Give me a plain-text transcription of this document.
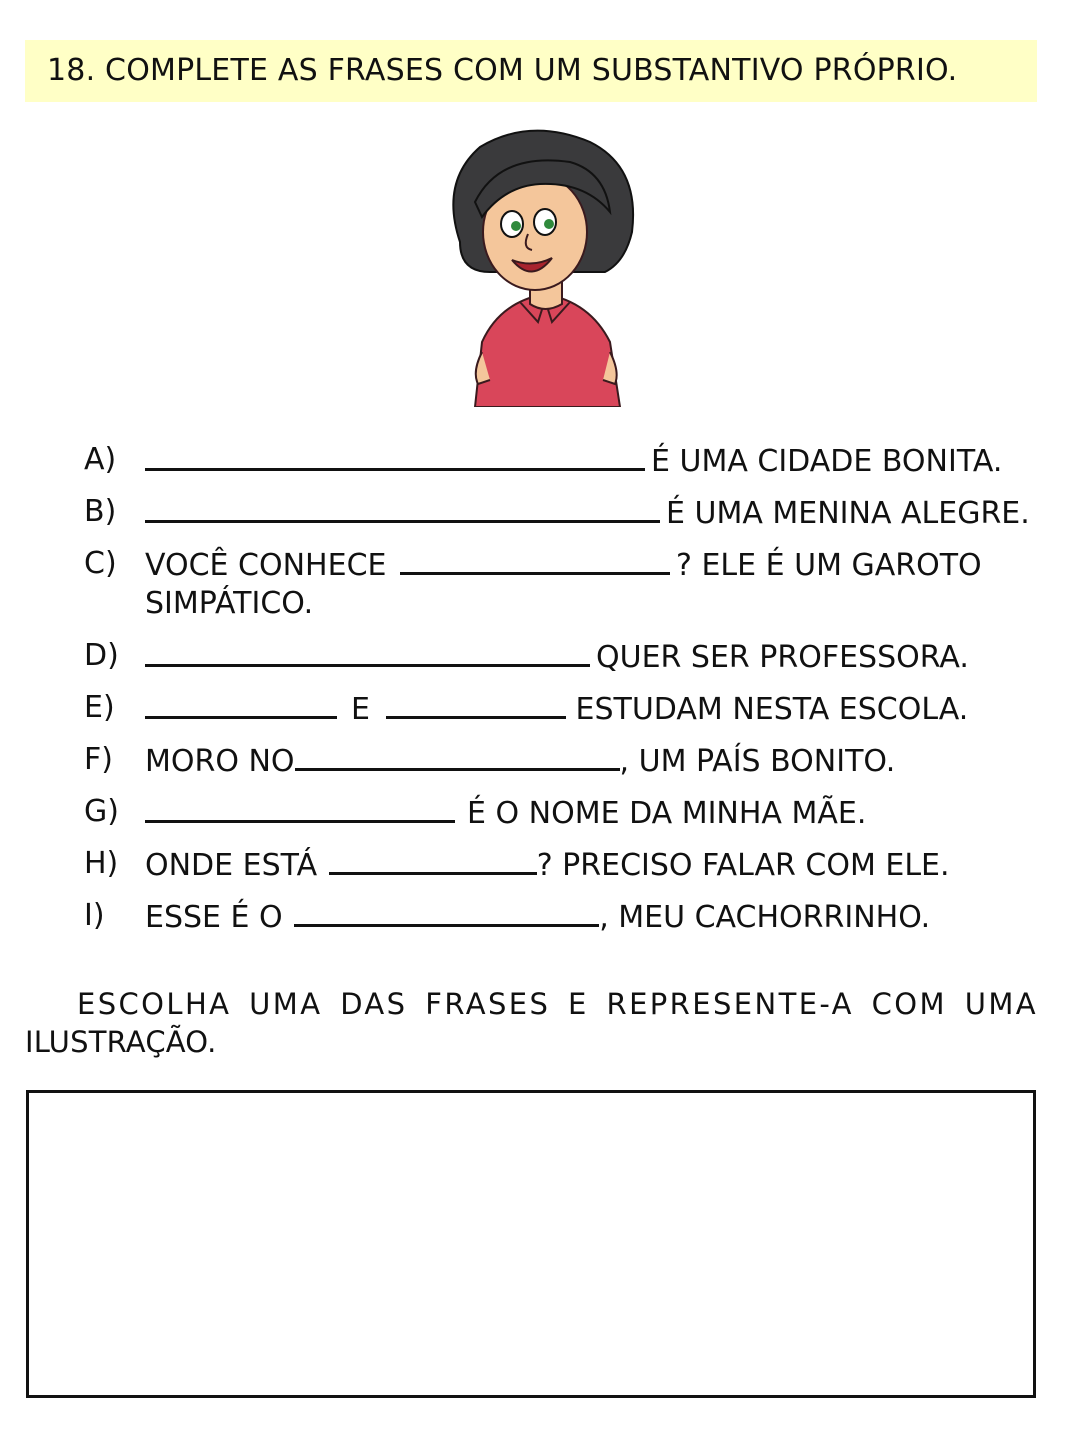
18. COMPLETE AS FRASES COM UM SUBSTANTIVO PRÓPRIO.
A)	É UMA CIDADE BONITA.
B)	É UMA MENINA ALEGRE.
C) VOCÊ CONHECE	? ELE É UM GAROTO
SIMPÁTICO.
D)	QUER SER PROFESSORA.
E)	E	ESTUDAM NESTA ESCOLA.
F) MORO NO	, UM PAÍS BONITO.
G)	É O NOME DA MINHA MÃE.
H) ONDE ESTÁ	? PRECISO FALAR COM ELE.
I) ESSE É O	, MEU CACHORRINHO.
ESCOLHA UMA DAS FRASES E REPRESENTE-A COM UMA
ILUSTRAÇÃO.
